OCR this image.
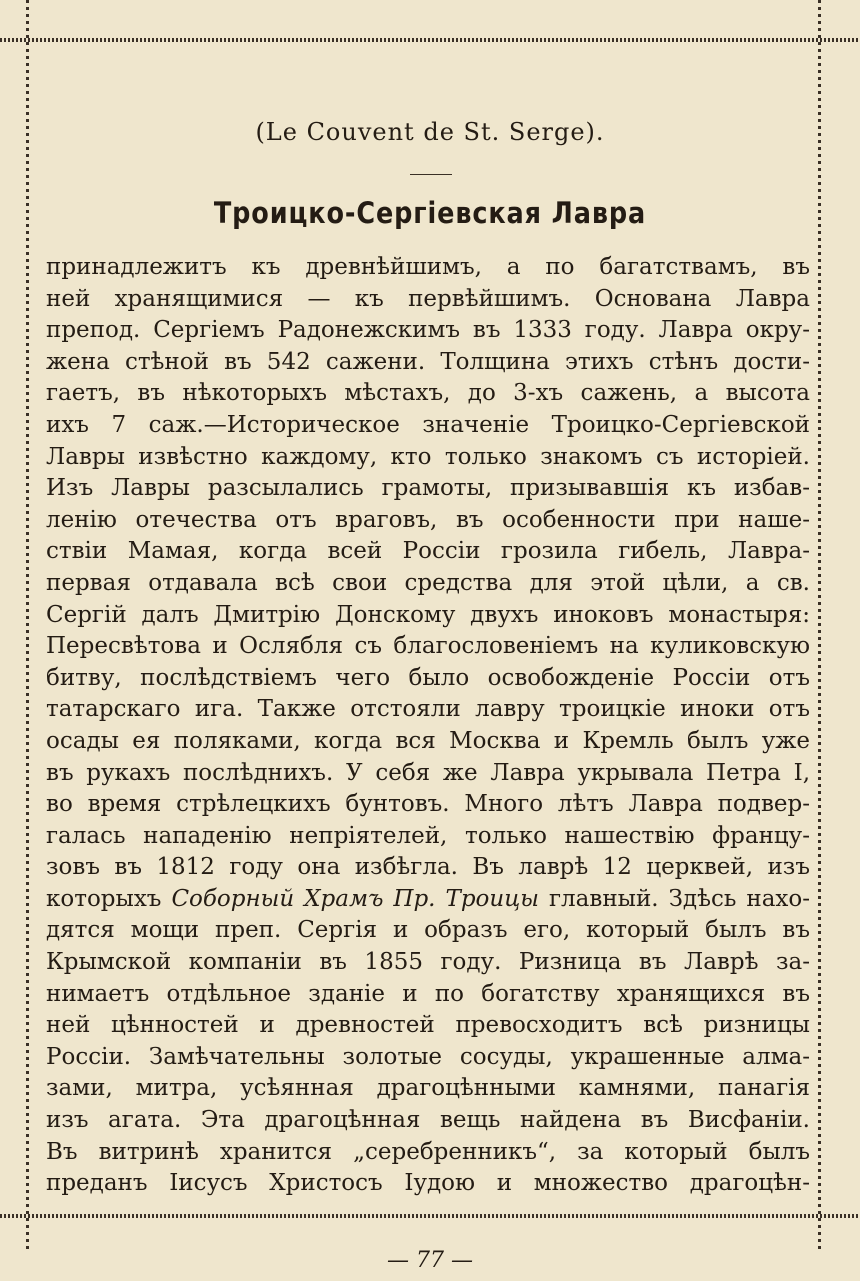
(Le Couvent de St. Serge).
Троицко-Сергiевская Лавра
принадлежитъ къ древнѣйшимъ, а по багатствамъ, въ
ней хранящимися — къ первѣйшимъ. Основана Лавра
препод. Сергiемъ Радонежскимъ въ 1333 году. Лавра окру-
жена стѣной въ 542 сажени. Толщина этихъ стѣнъ дости-
гаетъ, въ нѣкоторыхъ мѣстахъ, до 3-хъ сажень, а высота
ихъ 7 саж.—Историческое значенiе Троицко-Сергiевской
Лавры извѣстно каждому, кто только знакомъ съ исторiей.
Изъ Лавры разсылались грамоты, призывавшiя къ избав-
ленiю отечества отъ враговъ, въ особенности при наше-
ствiи Мамая, когда всей Россiи грозила гибель, Лавра-
первая отдавала всѣ свои средства для этой цѣли, а св.
Сергiй далъ Дмитрiю Донскому двухъ иноковъ монастыря:
Пересвѣтова и Ослябля съ благословенiемъ на куликовскую
битву, послѣдствiемъ чего было освобожденiе Россiи отъ
татарскаго ига. Также отстояли лавру троицкiе иноки отъ
осады ея поляками, когда вся Москва и Кремль былъ уже
въ рукахъ послѣднихъ. У себя же Лавра укрывала Петра I,
во время стрѣлецкихъ бунтовъ. Много лѣтъ Лавра подвер-
галась нападенiю непрiятелей, только нашествiю францу-
зовъ въ 1812 году она избѣгла. Въ лаврѣ 12 церквей, изъ
которыхъ Соборный Храмъ Пр. Троицы главный. Здѣсь нахо-
дятся мощи преп. Сергiя и образъ его, который былъ въ
Крымской компанiи въ 1855 году. Ризница въ Лаврѣ за-
нимаетъ отдѣльное зданiе и по богатству хранящихся въ
ней цѣнностей и древностей превосходитъ всѣ ризницы
Россiи. Замѣчательны золотые сосуды, украшенные алма-
зами, митра, усѣянная драгоцѣнными камнями, панагiя
изъ агата. Эта драгоцѣнная вещь найдена въ Висфанiи.
Въ витринѣ хранится „серебренникъ“, за который былъ
преданъ Iисусъ Христосъ Iудою и множество драгоцѣн-
— 77 —
